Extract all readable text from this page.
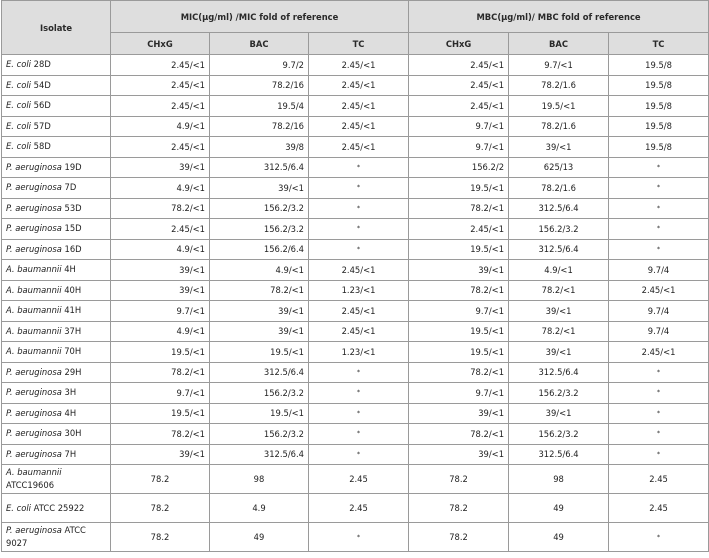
Isolate	MIC(µg/ml) /MIC fold of reference			MBC(µg/ml)/ MBC fold of reference		
	CHxG	BAC	TC	CHxG	BAC	TC
E. coli 28D	2.45/<1	9.7/2	2.45/<1	2.45/<1	9.7/<1	19.5/8
E. coli 54D	2.45/<1	78.2/16	2.45/<1	2.45/<1	78.2/1.6	19.5/8
E. coli 56D	2.45/<1	19.5/4	2.45/<1	2.45/<1	19.5/<1	19.5/8
E. coli 57D	4.9/<1	78.2/16	2.45/<1	9.7/<1	78.2/1.6	19.5/8
E. coli 58D	2.45/<1	39/8	2.45/<1	9.7/<1	39/<1	19.5/8
P. aeruginosa 19D	39/<1	312.5/6.4	*	156.2/2	625/13	*
P. aeruginosa 7D	4.9/<1	39/<1	*	19.5/<1	78.2/1.6	*
P. aeruginosa 53D	78.2/<1	156.2/3.2	*	78.2/<1	312.5/6.4	*
P. aeruginosa 15D	2.45/<1	156.2/3.2	*	2.45/<1	156.2/3.2	*
P. aeruginosa 16D	4.9/<1	156.2/6.4	*	19.5/<1	312.5/6.4	*
A. baumannii 4H	39/<1	4.9/<1	2.45/<1	39/<1	4.9/<1	9.7/4
A. baumannii 40H	39/<1	78.2/<1	1.23/<1	78.2/<1	78.2/<1	2.45/<1
A. baumannii 41H	9.7/<1	39/<1	2.45/<1	9.7/<1	39/<1	9.7/4
A. baumannii 37H	4.9/<1	39/<1	2.45/<1	19.5/<1	78.2/<1	9.7/4
A. baumannii 70H	19.5/<1	19.5/<1	1.23/<1	19.5/<1	39/<1	2.45/<1
P. aeruginosa 29H	78.2/<1	312.5/6.4	*	78.2/<1	312.5/6.4	*
P. aeruginosa 3H	9.7/<1	156.2/3.2	*	9.7/<1	156.2/3.2	*
P. aeruginosa 4H	19.5/<1	19.5/<1	*	39/<1	39/<1	*
P. aeruginosa 30H	78.2/<1	156.2/3.2	*	78.2/<1	156.2/3.2	*
P. aeruginosa 7H	39/<1	312.5/6.4	*	39/<1	312.5/6.4	*
A. baumannii ATCC19606	78.2	98	2.45	78.2	98	2.45
E. coli ATCC 25922	78.2	4.9	2.45	78.2	49	2.45
P. aeruginosa ATCC 9027	78.2	49	*	78.2	49	*
